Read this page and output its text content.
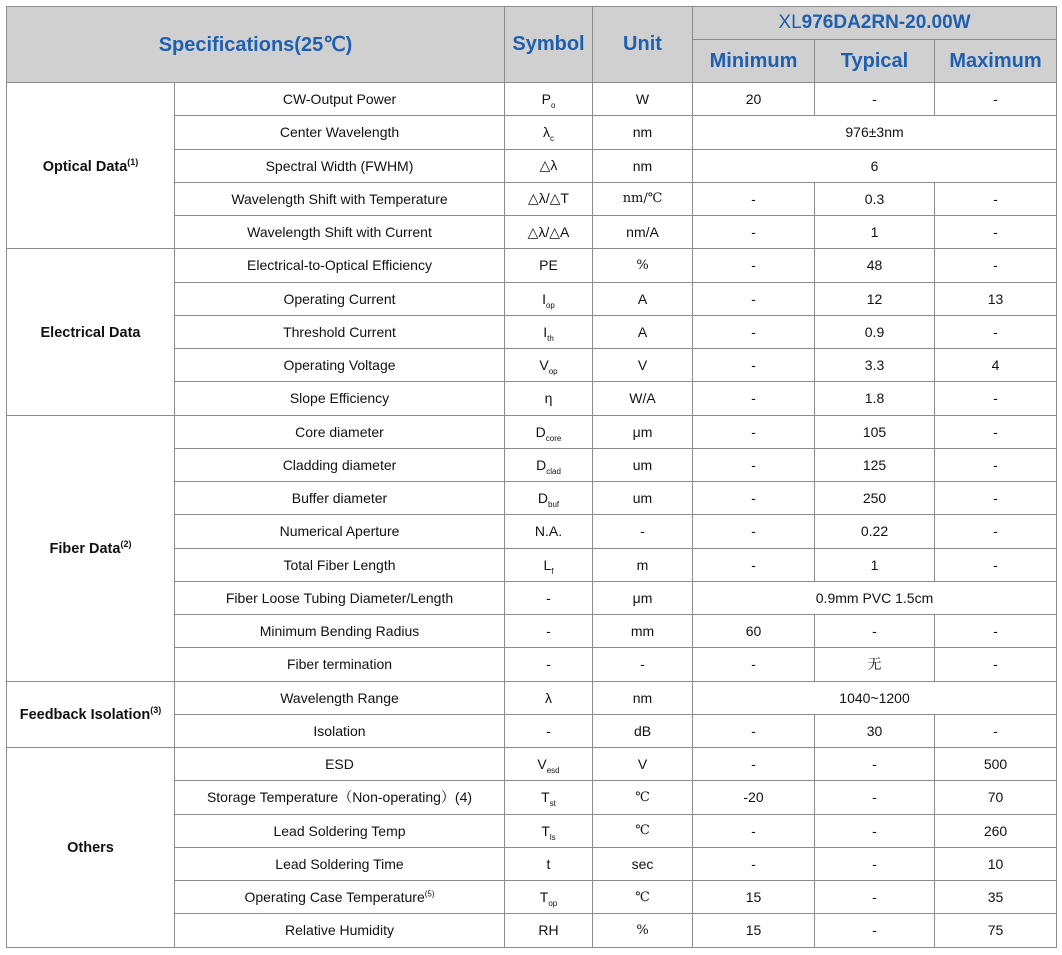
Specifications(25℃)		Symbol	Unit	XL976DA2RN-20.00W		
				Minimum	Typical	Maximum
Optical Data$^{(1)}$	CW-Output Power	$P_o$	W	20	-	-
	Center Wavelength	$\lambda_c$	nm	976±3nm		
	Spectral Width (FWHM)	△λ	nm	6		
	Wavelength Shift with Temperature	△λ/△T	nm/℃	-	0.3	-
	Wavelength Shift with Current	△λ/△A	nm/A	-	1	-
Electrical Data	Electrical-to-Optical Efficiency	PE	%	-	48	-
	Operating Current	$I_{op}$	A	-	12	13
	Threshold Current	$I_{th}$	A	-	0.9	-
	Operating Voltage	$V_{op}$	V	-	3.3	4
	Slope Efficiency	η	W/A	-	1.8	-
Fiber Data$^{(2)}$	Core diameter	$D_{core}$	μm	-	105	-
	Cladding diameter	$D_{clad}$	um	-	125	-
	Buffer diameter	$D_{buf}$	um	-	250	-
	Numerical Aperture	N.A.	-	-	0.22	-
	Total Fiber Length	$L_f$	m	-	1	-
	Fiber Loose Tubing Diameter/Length	-	μm	0.9mm PVC 1.5cm		
	Minimum Bending Radius	-	mm	60	-	-
	Fiber termination	-	-	-	无	-
Feedback Isolation$^{(3)}$	Wavelength Range	λ	nm	1040~1200		
	Isolation	-	dB	-	30	-
Others	ESD	$V_{esd}$	V	-	-	500
	Storage Temperature（Non-operating）(4)	$T_{st}$	℃	-20	-	70
	Lead Soldering Temp	$T_{ls}$	℃	-	-	260
	Lead Soldering Time	t	sec	-	-	10
	Operating Case Temperature$^{(5)}$	$T_{op}$	℃	15	-	35
	Relative Humidity	RH	%	15	-	75
